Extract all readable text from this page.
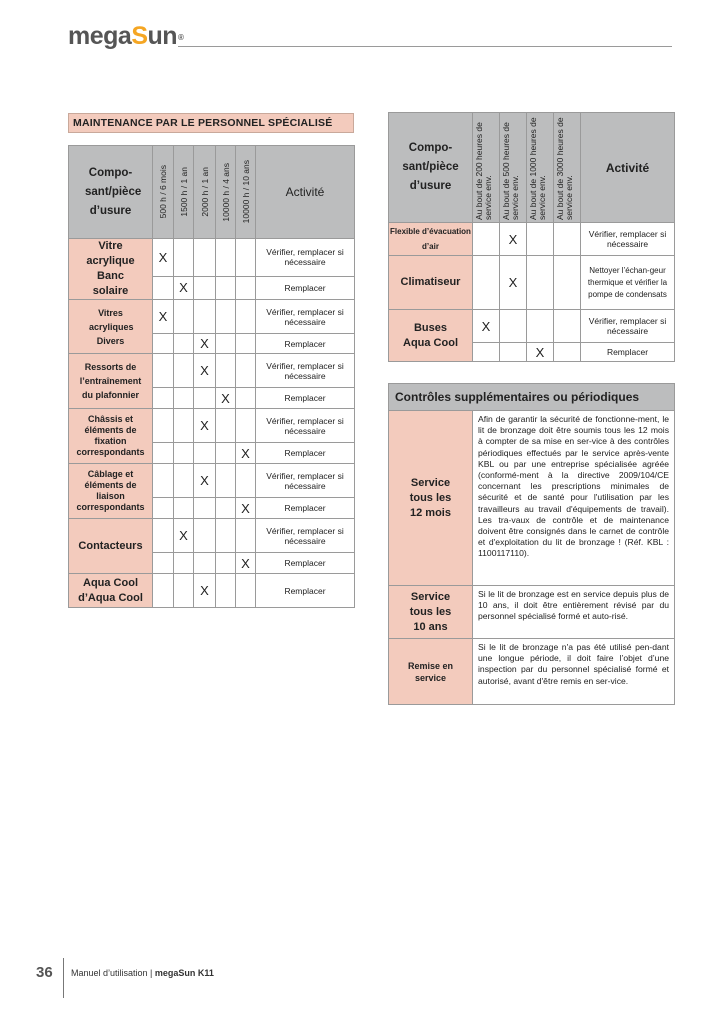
megaSun®
MAINTENANCE PAR LE PERSONNEL SPÉCIALISÉ
Compo-sant/pièce d’usure	500 h / 6 mois	1500 h / 1 an	2000 h / 1 an	10000 h / 4 ans	10000 h / 10 ans	Activité
Vitre acrylique Banc solaire	X					Vérifier, remplacer si nécessaire
		X				Remplacer
Vitres acryliques Divers	X					Vérifier, remplacer si nécessaire
			X			Remplacer
Ressorts de l’entraînement du plafonnier			X			Vérifier, remplacer si nécessaire
				X		Remplacer
Châssis et éléments de fixation correspondants			X			Vérifier, remplacer si nécessaire
					X	Remplacer
Câblage et éléments de liaison correspondants			X			Vérifier, remplacer si nécessaire
					X	Remplacer
Contacteurs		X				Vérifier, remplacer si nécessaire
					X	Remplacer
Aqua Cool d’Aqua Cool			X			Remplacer
Compo-sant/pièce d’usure	Au bout de 200 heures de service env.	Au bout de 500 heures de service env.	Au bout de 1000 heures de service env.	Au bout de 3000 heures de service env.	Activité
Flexible d’évacuation d’air		X			Vérifier, remplacer si nécessaire
Climatiseur		X			Nettoyer l’échan-geur thermique et vérifier la pompe de condensats
Buses Aqua Cool	X				Vérifier, remplacer si nécessaire
			X		Remplacer
Contrôles supplémentaires ou périodiques	
Service tous les 12 mois	Afin de garantir la sécurité de fonctionne-ment, le lit de bronzage doit être soumis tous les 12 mois à compter de sa mise en ser-vice à des contrôles périodiques effectués par le service après-vente KBL ou par une entreprise spécialisée agréée (conformé-ment à la directive 2009/104/CE concernant les prescriptions minimales de sécurité et de santé pour l'utilisation par les travailleurs au travail d'équipements de travail). Les tra-vaux de contrôle et de maintenance doivent être consignés dans le carnet de contrôle et d'exploitation du lit de bronzage ! (Réf. KBL : 1100117110).
Service tous les 10 ans	Si le lit de bronzage est en service depuis plus de 10 ans, il doit être entièrement révisé par du personnel spécialisé formé et auto-risé.
Remise en service	Si le lit de bronzage n'a pas été utilisé pen-dant une longue période, il doit faire l’objet d’une inspection par du personnel spécialisé formé et autorisé, avant d'être remis en ser-vice.
36 Manuel d’utilisation | megaSun K11
